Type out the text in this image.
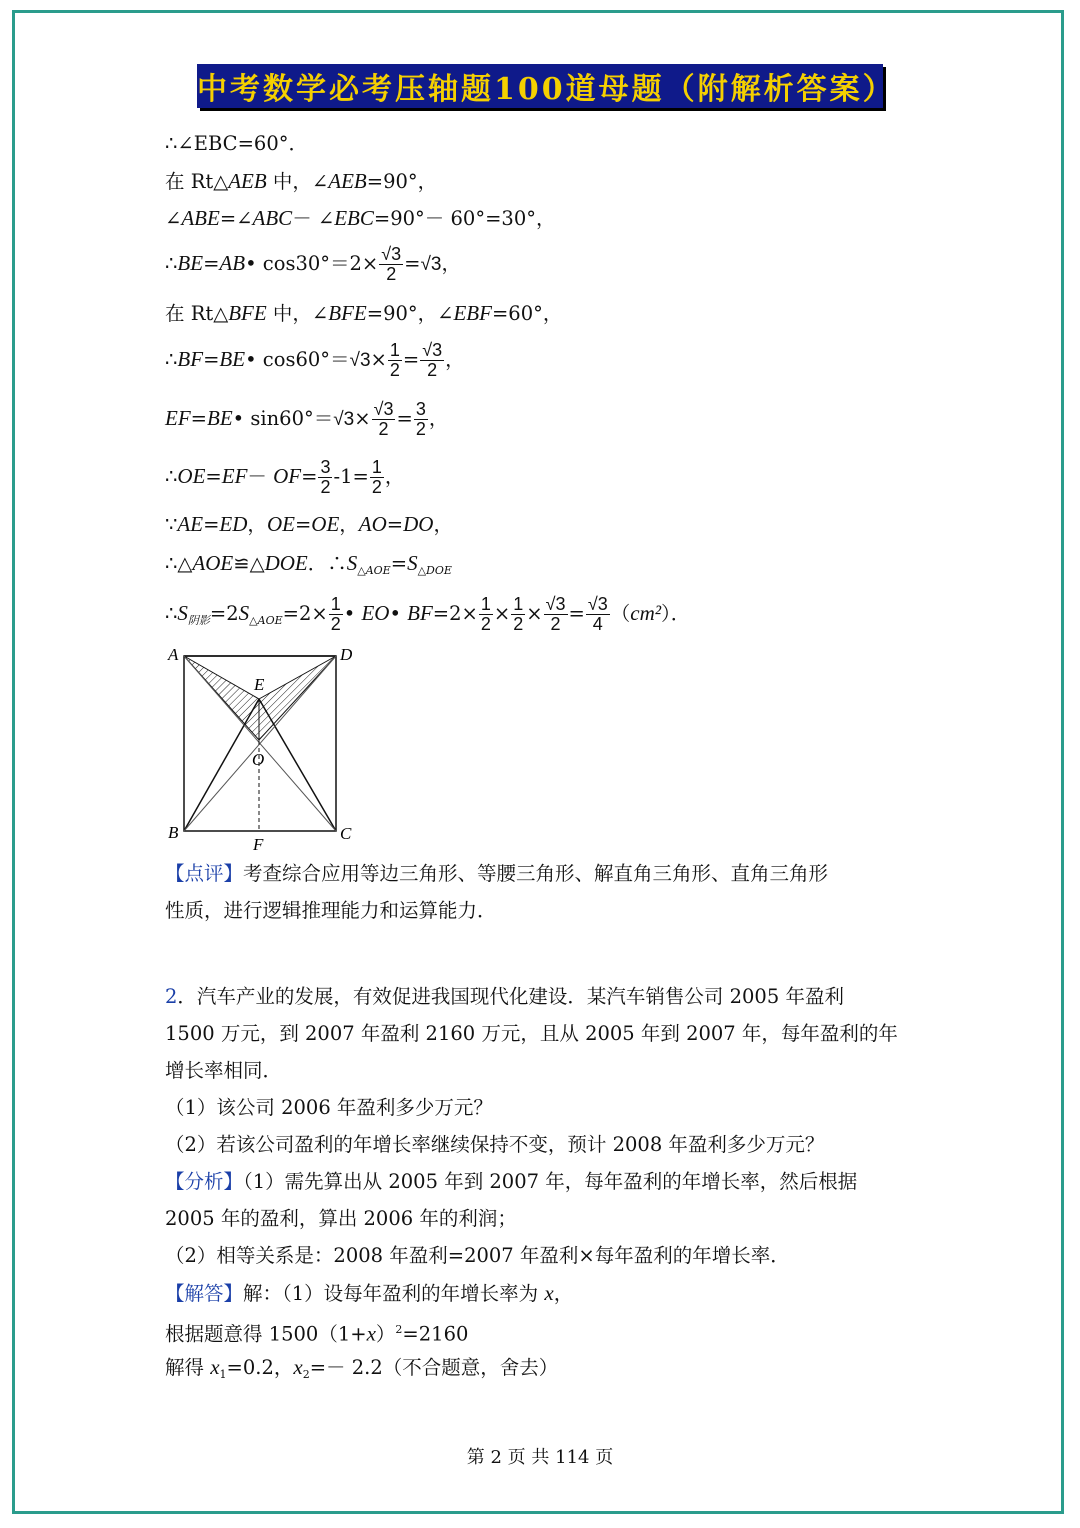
中考数学必考压轴题100道母题（附解析答案）
∴∠EBC=60°．
在 Rt△AEB 中，∠AEB=90°，
∠ABE=∠ABC－ ∠EBC=90°－ 60°=30°，
∴BE=AB• $\cos 30^\circ=2\times \frac{√3}{2} =√3$，
在 Rt△BFE 中，∠BFE=90°，∠EBF=60°，
∴BF=BE• $\cos 60^\circ=√3\times \frac{1}{2} = \frac{√3}{2}$ ，
EF=BE• $\sin 60^\circ=√3\times \frac{√3}{2} = \frac{3}{2}$ ，
∴OE=EF－ $OF= \frac{3}{2} -1= \frac{1}{2}$ ，
∵AE=ED，OE=OE，AO=DO，
∴△AOE≌△DOE．$\therefore S_{\triangle AOE}=S_{\triangle DOE}$
$\therefore S_{阴影}=2S_{\triangle AOE}=2\times \frac{1}{2}$ • EO• $BF=2\times \frac{1}{2} \times \frac{1}{2} \times \frac{√3}{2} = \frac{√3}{4} (cm^2)$．
A	D
E
O
B	C
F
【点评】考查综合应用等边三角形、等腰三角形、解直角三角形、直角三角形
性质，进行逻辑推理能力和运算能力．
2．汽车产业的发展，有效促进我国现代化建设．某汽车销售公司 2005 年盈利
1500 万元，到 2007 年盈利 2160 万元，且从 2005 年到 2007 年，每年盈利的年
增长率相同．
（1）该公司 2006 年盈利多少万元？
（2）若该公司盈利的年增长率继续保持不变，预计 2008 年盈利多少万元？
【分析】（1）需先算出从 2005 年到 2007 年，每年盈利的年增长率，然后根据
2005 年的盈利，算出 2006 年的利润；
（2）相等关系是：2008 年盈利=2007 年盈利×每年盈利的年增长率．
【解答】解：（1）设每年盈利的年增长率为 x，
根据题意得 $1500(1+x)^2=2160$
解得 $x_1=0.2$，$x_2=- 2.2$（不合题意，舍去）
第 2 页 共 114 页
